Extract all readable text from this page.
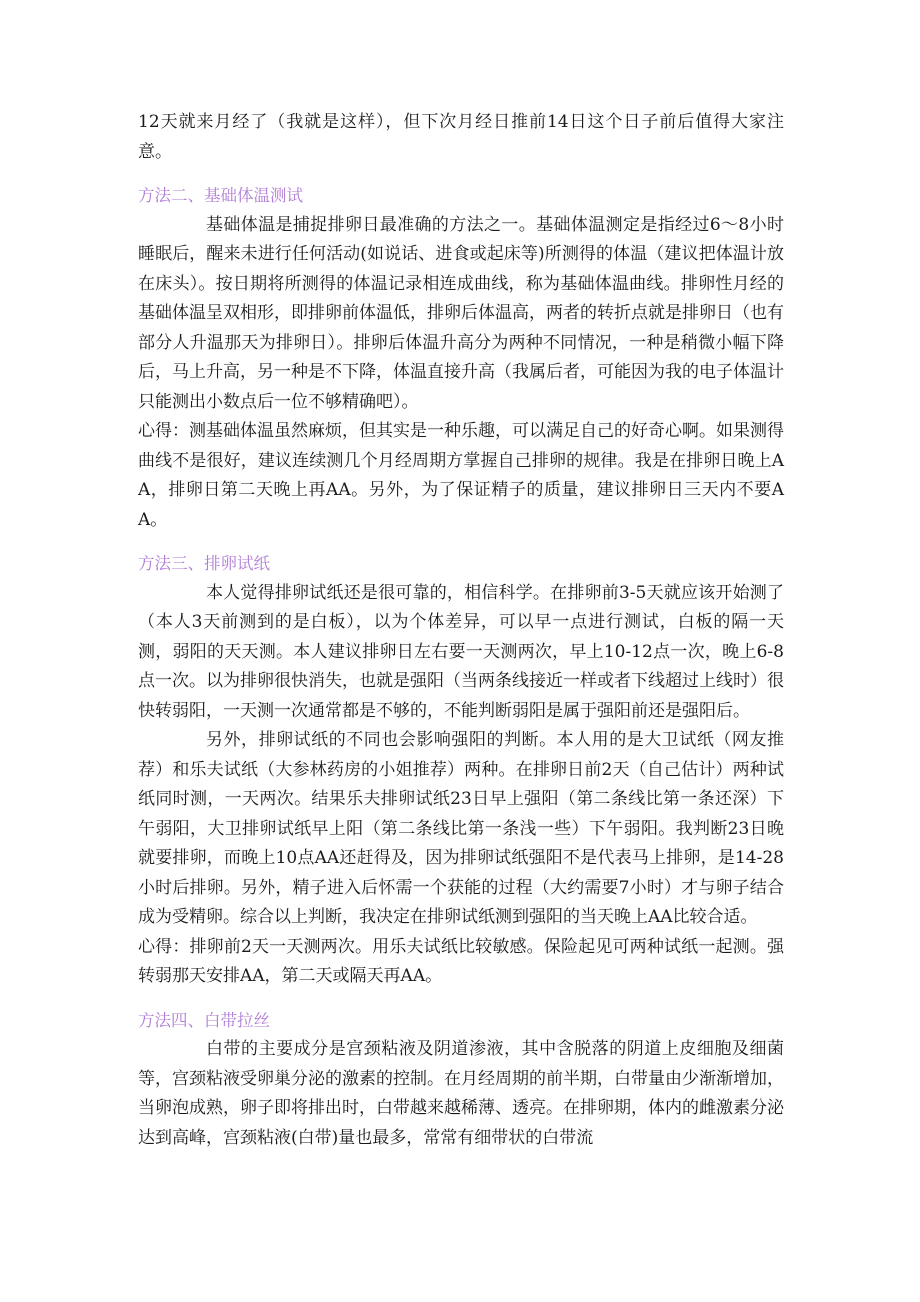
12天就来月经了（我就是这样），但下次月经日推前14日这个日子前后值得大家注意。

方法二、基础体温测试

基础体温是捕捉排卵日最准确的方法之一。基础体温测定是指经过6～8小时睡眠后，醒来未进行任何活动(如说话、进食或起床等)所测得的体温（建议把体温计放在床头）。按日期将所测得的体温记录相连成曲线，称为基础体温曲线。排卵性月经的基础体温呈双相形，即排卵前体温低，排卵后体温高，两者的转折点就是排卵日（也有部分人升温那天为排卵日）。排卵后体温升高分为两种不同情况，一种是稍微小幅下降后，马上升高，另一种是不下降，体温直接升高（我属后者，可能因为我的电子体温计只能测出小数点后一位不够精确吧）。

心得：测基础体温虽然麻烦，但其实是一种乐趣，可以满足自己的好奇心啊。如果测得曲线不是很好，建议连续测几个月经周期方掌握自己排卵的规律。我是在排卵日晚上AA，排卵日第二天晚上再AA。另外，为了保证精子的质量，建议排卵日三天内不要AA。

方法三、排卵试纸

本人觉得排卵试纸还是很可靠的，相信科学。在排卵前3-5天就应该开始测了（本人3天前测到的是白板），以为个体差异，可以早一点进行测试，白板的隔一天测，弱阳的天天测。本人建议排卵日左右要一天测两次，早上10-12点一次，晚上6-8点一次。以为排卵很快消失，也就是强阳（当两条线接近一样或者下线超过上线时）很快转弱阳，一天测一次通常都是不够的，不能判断弱阳是属于强阳前还是强阳后。

另外，排卵试纸的不同也会影响强阳的判断。本人用的是大卫试纸（网友推荐）和乐夫试纸（大参林药房的小姐推荐）两种。在排卵日前2天（自己估计）两种试纸同时测，一天两次。结果乐夫排卵试纸23日早上强阳（第二条线比第一条还深）下午弱阳，大卫排卵试纸早上阳（第二条线比第一条浅一些）下午弱阳。我判断23日晚就要排卵，而晚上10点AA还赶得及，因为排卵试纸强阳不是代表马上排卵，是14-28小时后排卵。另外，精子进入后怀需一个获能的过程（大约需要7小时）才与卵子结合成为受精卵。综合以上判断，我决定在排卵试纸测到强阳的当天晚上AA比较合适。

心得：排卵前2天一天测两次。用乐夫试纸比较敏感。保险起见可两种试纸一起测。强转弱那天安排AA，第二天或隔天再AA。

方法四、白带拉丝

白带的主要成分是宫颈粘液及阴道渗液，其中含脱落的阴道上皮细胞及细菌等，宫颈粘液受卵巢分泌的激素的控制。在月经周期的前半期，白带量由少渐渐增加，当卵泡成熟，卵子即将排出时，白带越来越稀薄、透亮。在排卵期，体内的雌激素分泌达到高峰，宫颈粘液(白带)量也最多，常常有细带状的白带流
